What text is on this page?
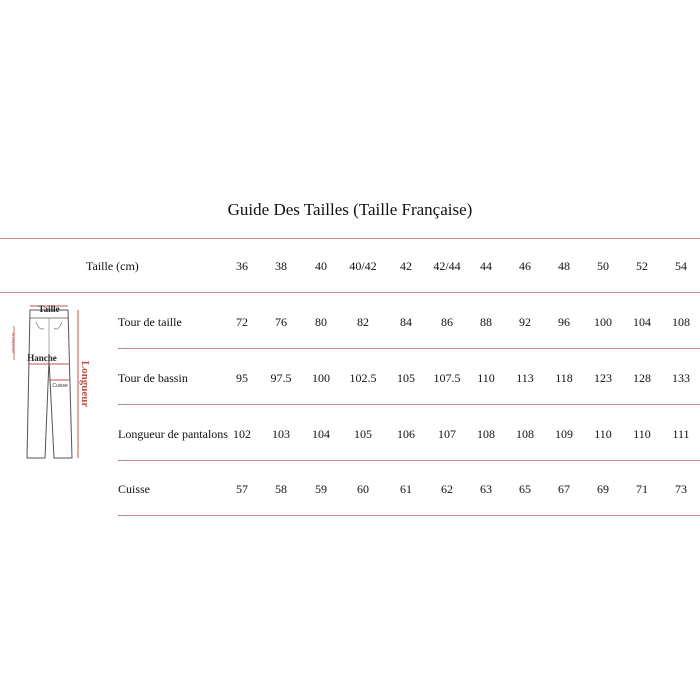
Guide Des Tailles (Taille Française)
Taille (cm)	36 38 40 40/42 42 42/44 44 46 48 50 52 54
Tour de taille	72 76 80	82	84 86 88 92 96 100 104 108
Tour de bassin	95 97.5 100 102.5 105 107.5 110 113 118 123 128 133
Longueur de pantalons 102 103 104 105 106 107 108 108 109 110 110 111
Cuisse	57 58 59	60	61 62 63 65 67 69 71 73
Taille
Hanche
Cuisse Longueur
Entrejambe
